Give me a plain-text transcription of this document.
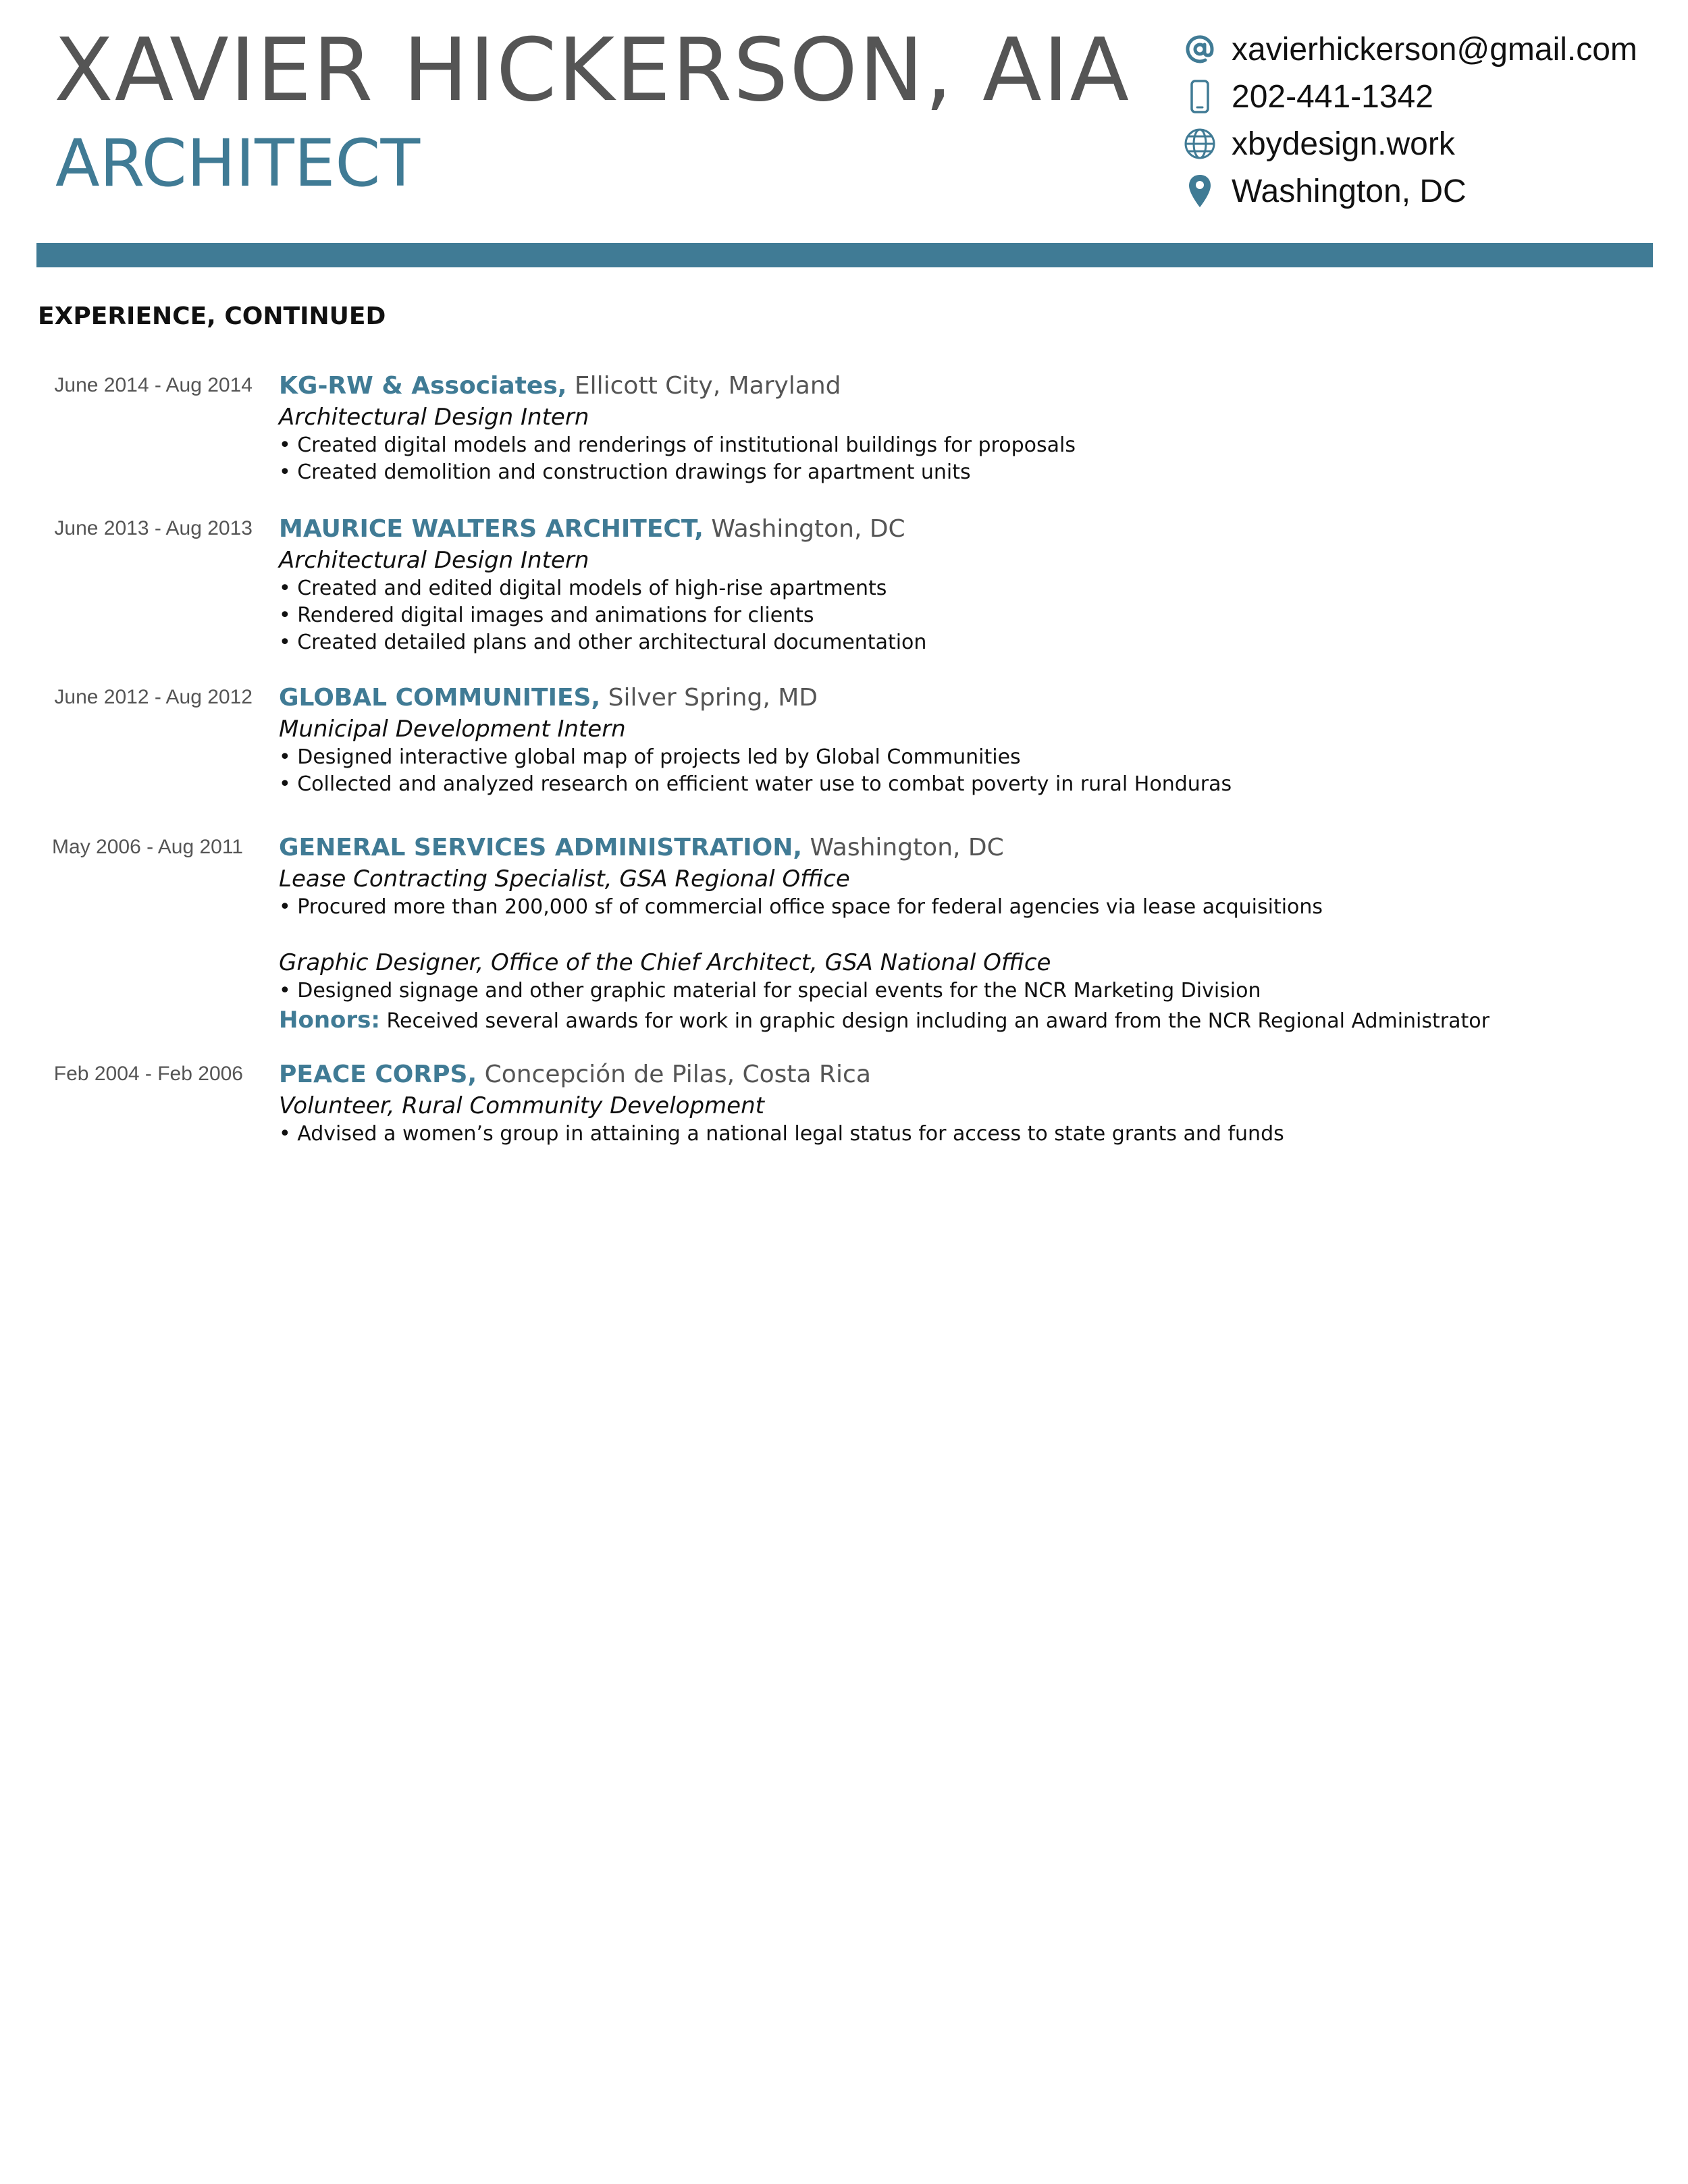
XAVIER HICKERSON, AIA
ARCHITECT
xavierhickerson@gmail.com
202-441-1342
xbydesign.work
Washington, DC
EXPERIENCE, CONTINUED
June 2014 - Aug 2014 KG-RW & Associates, Ellicott City, Maryland
Architectural Design Intern
• Created digital models and renderings of institutional buildings for proposals
• Created demolition and construction drawings for apartment units
June 2013 - Aug 2013 MAURICE WALTERS ARCHITECT, Washington, DC
Architectural Design Intern
• Created and edited digital models of high-rise apartments
• Rendered digital images and animations for clients
• Created detailed plans and other architectural documentation
June 2012 - Aug 2012 GLOBAL COMMUNITIES, Silver Spring, MD
Municipal Development Intern
• Designed interactive global map of projects led by Global Communities
• Collected and analyzed research on efficient water use to combat poverty in rural Honduras
May 2006 - Aug 2011 GENERAL SERVICES ADMINISTRATION, Washington, DC
Lease Contracting Specialist, GSA Regional Office
• Procured more than 200,000 sf of commercial office space for federal agencies via lease acquisitions
Graphic Designer, Office of the Chief Architect, GSA National Office
• Designed signage and other graphic material for special events for the NCR Marketing Division
Honors: Received several awards for work in graphic design including an award from the NCR Regional Administrator
Feb 2004 - Feb 2006 PEACE CORPS, Concepción de Pilas, Costa Rica
Volunteer, Rural Community Development
• Advised a women’s group in attaining a national legal status for access to state grants and funds
